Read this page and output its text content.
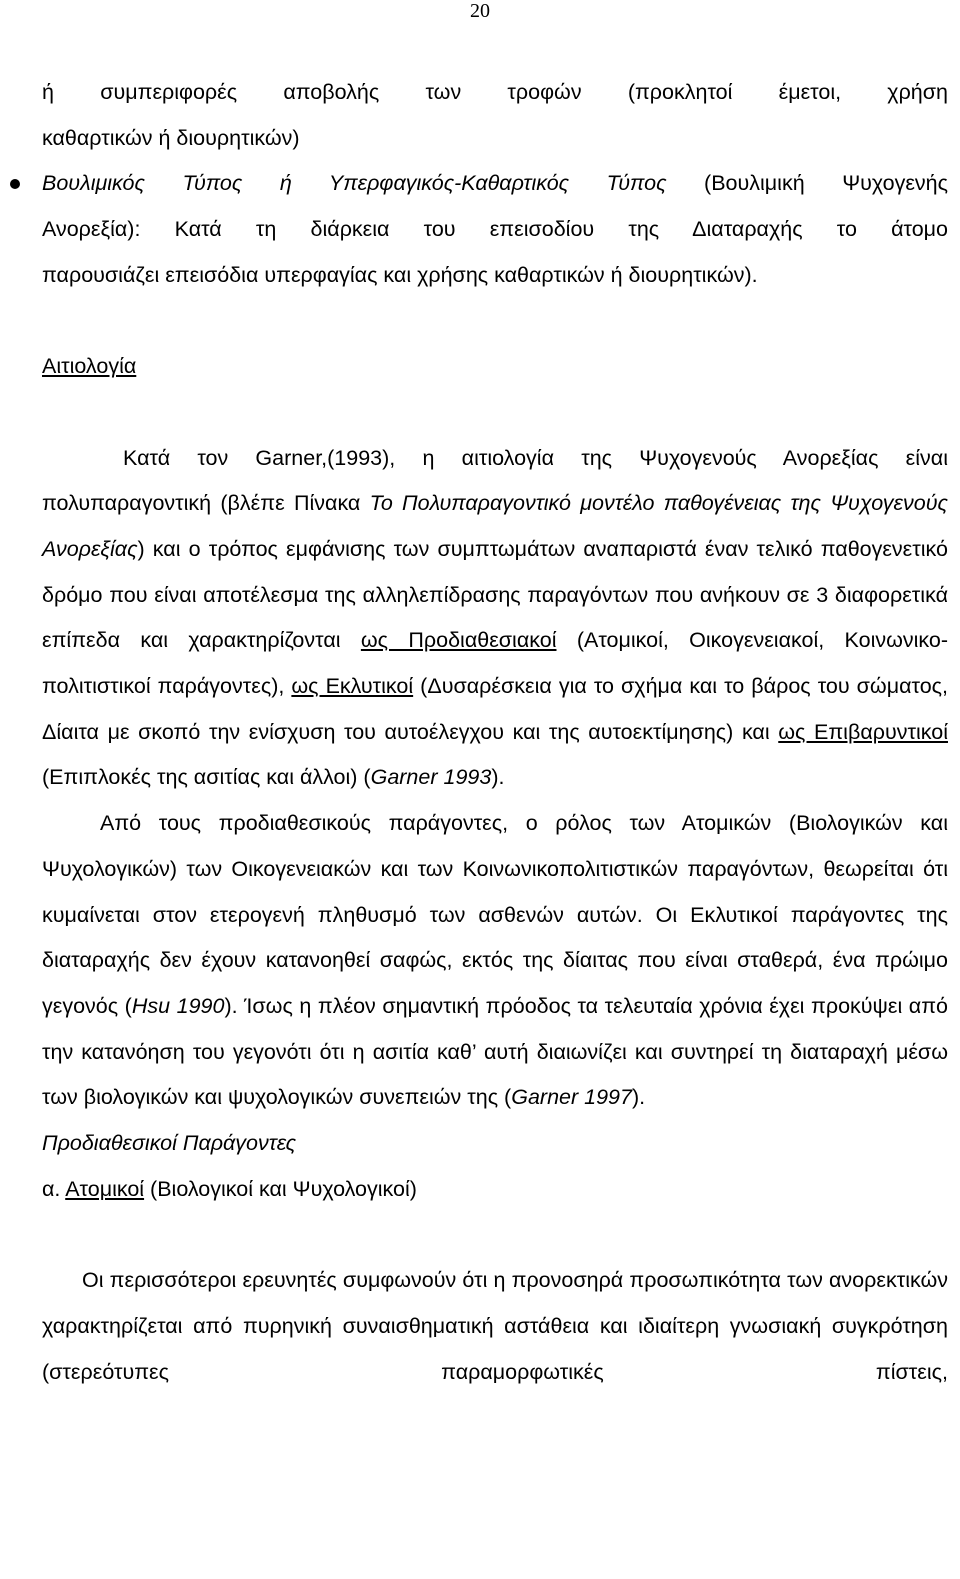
20
ή συμπεριφορές αποβολής των τροφών (προκλητοί έμετοι, χρήση
καθαρτικών ή διουρητικών)
Βουλιμικός Τύπος ή Υπερφαγικός-Καθαρτικός Τύπος (Βουλιμική Ψυχογενής
Ανορεξία): Κατά τη διάρκεια του επεισοδίου της Διαταραχής το άτομο
παρουσιάζει επεισόδια υπερφαγίας και χρήσης καθαρτικών ή διουρητικών).
Αιτιολογία

Κατά τον Garner,(1993), η αιτιολογία της Ψυχογενούς Ανορεξίας είναι πολυπαραγοντική (βλέπε Πίνακα Το Πολυπαραγοντικό μοντέλο παθογένειας της Ψυχογενούς Ανορεξίας) και ο τρόπος εμφάνισης των συμπτωμάτων αναπαριστά έναν τελικό παθογενετικό δρόμο που είναι αποτέλεσμα της αλληλεπίδρασης παραγόντων που ανήκουν σε 3 διαφορετικά επίπεδα και χαρακτηρίζονται ως Προδιαθεσιακοί (Ατομικοί, Οικογενειακοί, Κοινωνικο-πολιτιστικοί παράγοντες), ως Εκλυτικοί (Δυσαρέσκεια για το σχήμα και το βάρος του σώματος, Δίαιτα με σκοπό την ενίσχυση του αυτοέλεγχου και της αυτοεκτίμησης) και ως Επιβαρυντικοί (Επιπλοκές της ασιτίας και άλλοι) (Garner 1993).

Από τους προδιαθεσικούς παράγοντες, ο ρόλος των Ατομικών (Βιολογικών και Ψυχολογικών) των Οικογενειακών και των Κοινωνικοπολιτιστικών παραγόντων, θεωρείται ότι κυμαίνεται στον ετερογενή πληθυσμό των ασθενών αυτών. Οι Εκλυτικοί παράγοντες της διαταραχής δεν έχουν κατανοηθεί σαφώς, εκτός της δίαιτας που είναι σταθερά, ένα πρώιμο γεγονός (Hsu 1990). Ίσως η πλέον σημαντική πρόοδος τα τελευταία χρόνια έχει προκύψει από την κατανόηση του γεγονότι ότι η ασιτία καθ’ αυτή διαιωνίζει και συντηρεί τη διαταραχή μέσω των βιολογικών και ψυχολογικών συνεπειών της (Garner 1997).

Προδιαθεσικοί Παράγοντες
α. Ατομικοί (Βιολογικοί και Ψυχολογικοί)

Οι περισσότεροι ερευνητές συμφωνούν ότι η προνοσηρά προσωπικότητα των ανορεκτικών χαρακτηρίζεται από πυρηνική συναισθηματική αστάθεια και ιδιαίτερη γνωσιακή συγκρότηση (στερεότυπες παραμορφωτικές πίστεις,
